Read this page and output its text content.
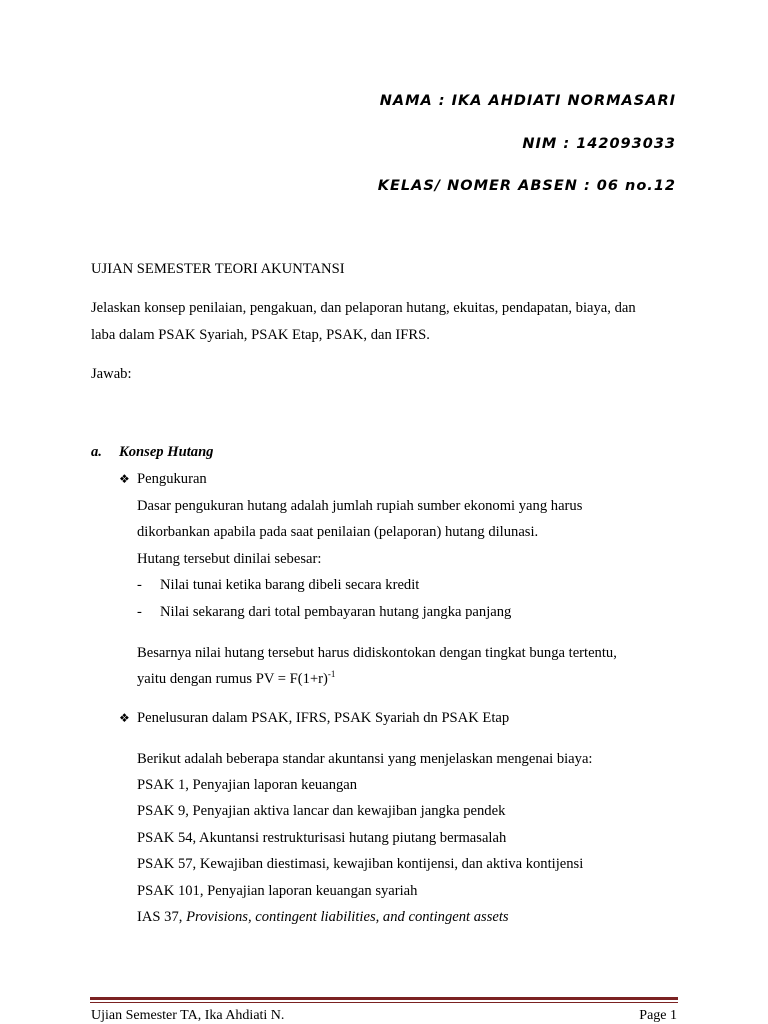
NAMA : IKA AHDIATI NORMASARI
NIM : 142093033
KELAS/ NOMER ABSEN : 06 no.12
UJIAN SEMESTER TEORI AKUNTANSI
Jelaskan konsep penilaian, pengakuan, dan pelaporan hutang, ekuitas, pendapatan, biaya, dan
laba dalam PSAK Syariah, PSAK Etap, PSAK, dan IFRS.
Jawab:
a. Konsep Hutang
❖ Pengukuran
Dasar pengukuran hutang adalah jumlah rupiah sumber ekonomi yang harus
dikorbankan apabila pada saat penilaian (pelaporan) hutang dilunasi.
Hutang tersebut dinilai sebesar:
- Nilai tunai ketika barang dibeli secara kredit
- Nilai sekarang dari total pembayaran hutang jangka panjang
Besarnya nilai hutang tersebut harus didiskontokan dengan tingkat bunga tertentu,
yaitu dengan rumus PV = $F(1+r)^{-1}$
❖ Penelusuran dalam PSAK, IFRS, PSAK Syariah dn PSAK Etap
Berikut adalah beberapa standar akuntansi yang menjelaskan mengenai biaya:
PSAK 1, Penyajian laporan keuangan
PSAK 9, Penyajian aktiva lancar dan kewajiban jangka pendek
PSAK 54, Akuntansi restrukturisasi hutang piutang bermasalah
PSAK 57, Kewajiban diestimasi, kewajiban kontijensi, dan aktiva kontijensi
PSAK 101, Penyajian laporan keuangan syariah
IAS 37, Provisions, contingent liabilities, and contingent assets
Ujian Semester TA, Ika Ahdiati N.	Page 1
